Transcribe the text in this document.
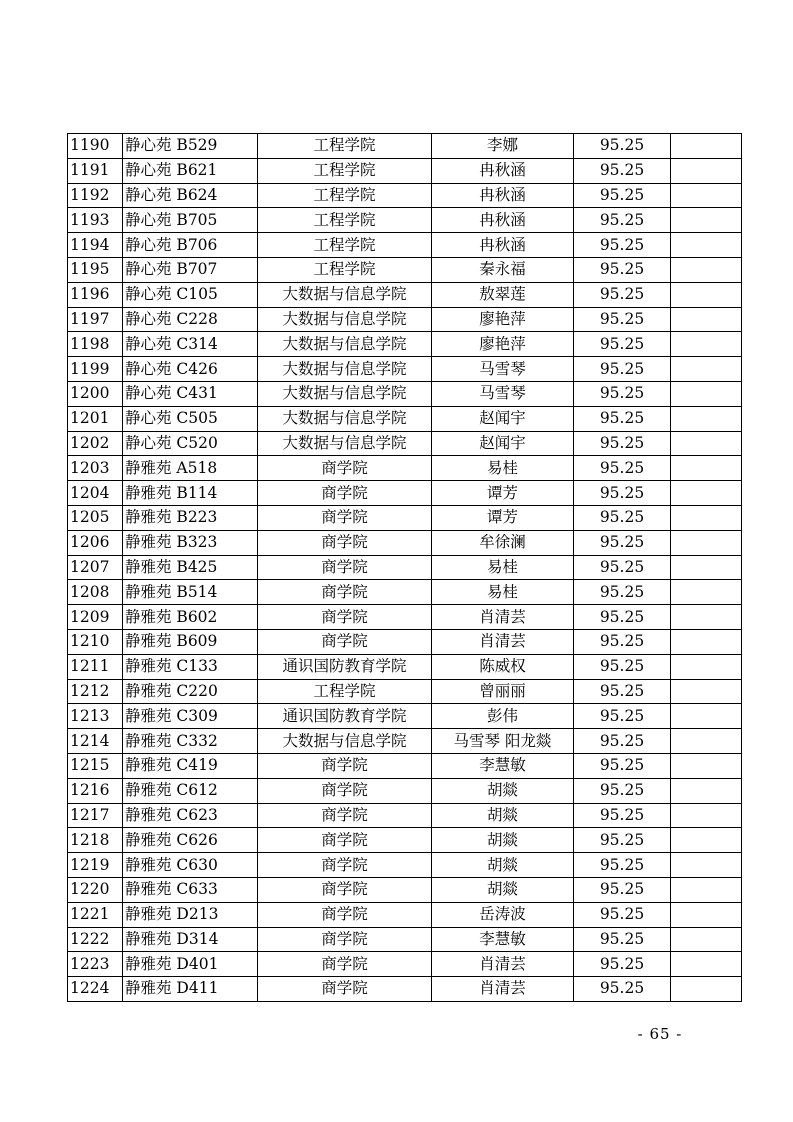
1190	静心苑 B529	工程学院	李娜	95.25	
1191	静心苑 B621	工程学院	冉秋涵	95.25	
1192	静心苑 B624	工程学院	冉秋涵	95.25	
1193	静心苑 B705	工程学院	冉秋涵	95.25	
1194	静心苑 B706	工程学院	冉秋涵	95.25	
1195	静心苑 B707	工程学院	秦永福	95.25	
1196	静心苑 C105	大数据与信息学院	敖翠莲	95.25	
1197	静心苑 C228	大数据与信息学院	廖艳萍	95.25	
1198	静心苑 C314	大数据与信息学院	廖艳萍	95.25	
1199	静心苑 C426	大数据与信息学院	马雪琴	95.25	
1200	静心苑 C431	大数据与信息学院	马雪琴	95.25	
1201	静心苑 C505	大数据与信息学院	赵闻宇	95.25	
1202	静心苑 C520	大数据与信息学院	赵闻宇	95.25	
1203	静雅苑 A518	商学院	易桂	95.25	
1204	静雅苑 B114	商学院	谭芳	95.25	
1205	静雅苑 B223	商学院	谭芳	95.25	
1206	静雅苑 B323	商学院	牟徐澜	95.25	
1207	静雅苑 B425	商学院	易桂	95.25	
1208	静雅苑 B514	商学院	易桂	95.25	
1209	静雅苑 B602	商学院	肖清芸	95.25	
1210	静雅苑 B609	商学院	肖清芸	95.25	
1211	静雅苑 C133	通识国防教育学院	陈威权	95.25	
1212	静雅苑 C220	工程学院	曾丽丽	95.25	
1213	静雅苑 C309	通识国防教育学院	彭伟	95.25	
1214	静雅苑 C332	大数据与信息学院	马雪琴 阳龙燚	95.25	
1215	静雅苑 C419	商学院	李慧敏	95.25	
1216	静雅苑 C612	商学院	胡燚	95.25	
1217	静雅苑 C623	商学院	胡燚	95.25	
1218	静雅苑 C626	商学院	胡燚	95.25	
1219	静雅苑 C630	商学院	胡燚	95.25	
1220	静雅苑 C633	商学院	胡燚	95.25	
1221	静雅苑 D213	商学院	岳涛波	95.25	
1222	静雅苑 D314	商学院	李慧敏	95.25	
1223	静雅苑 D401	商学院	肖清芸	95.25	
1224	静雅苑 D411	商学院	肖清芸	95.25	
- 65 -
